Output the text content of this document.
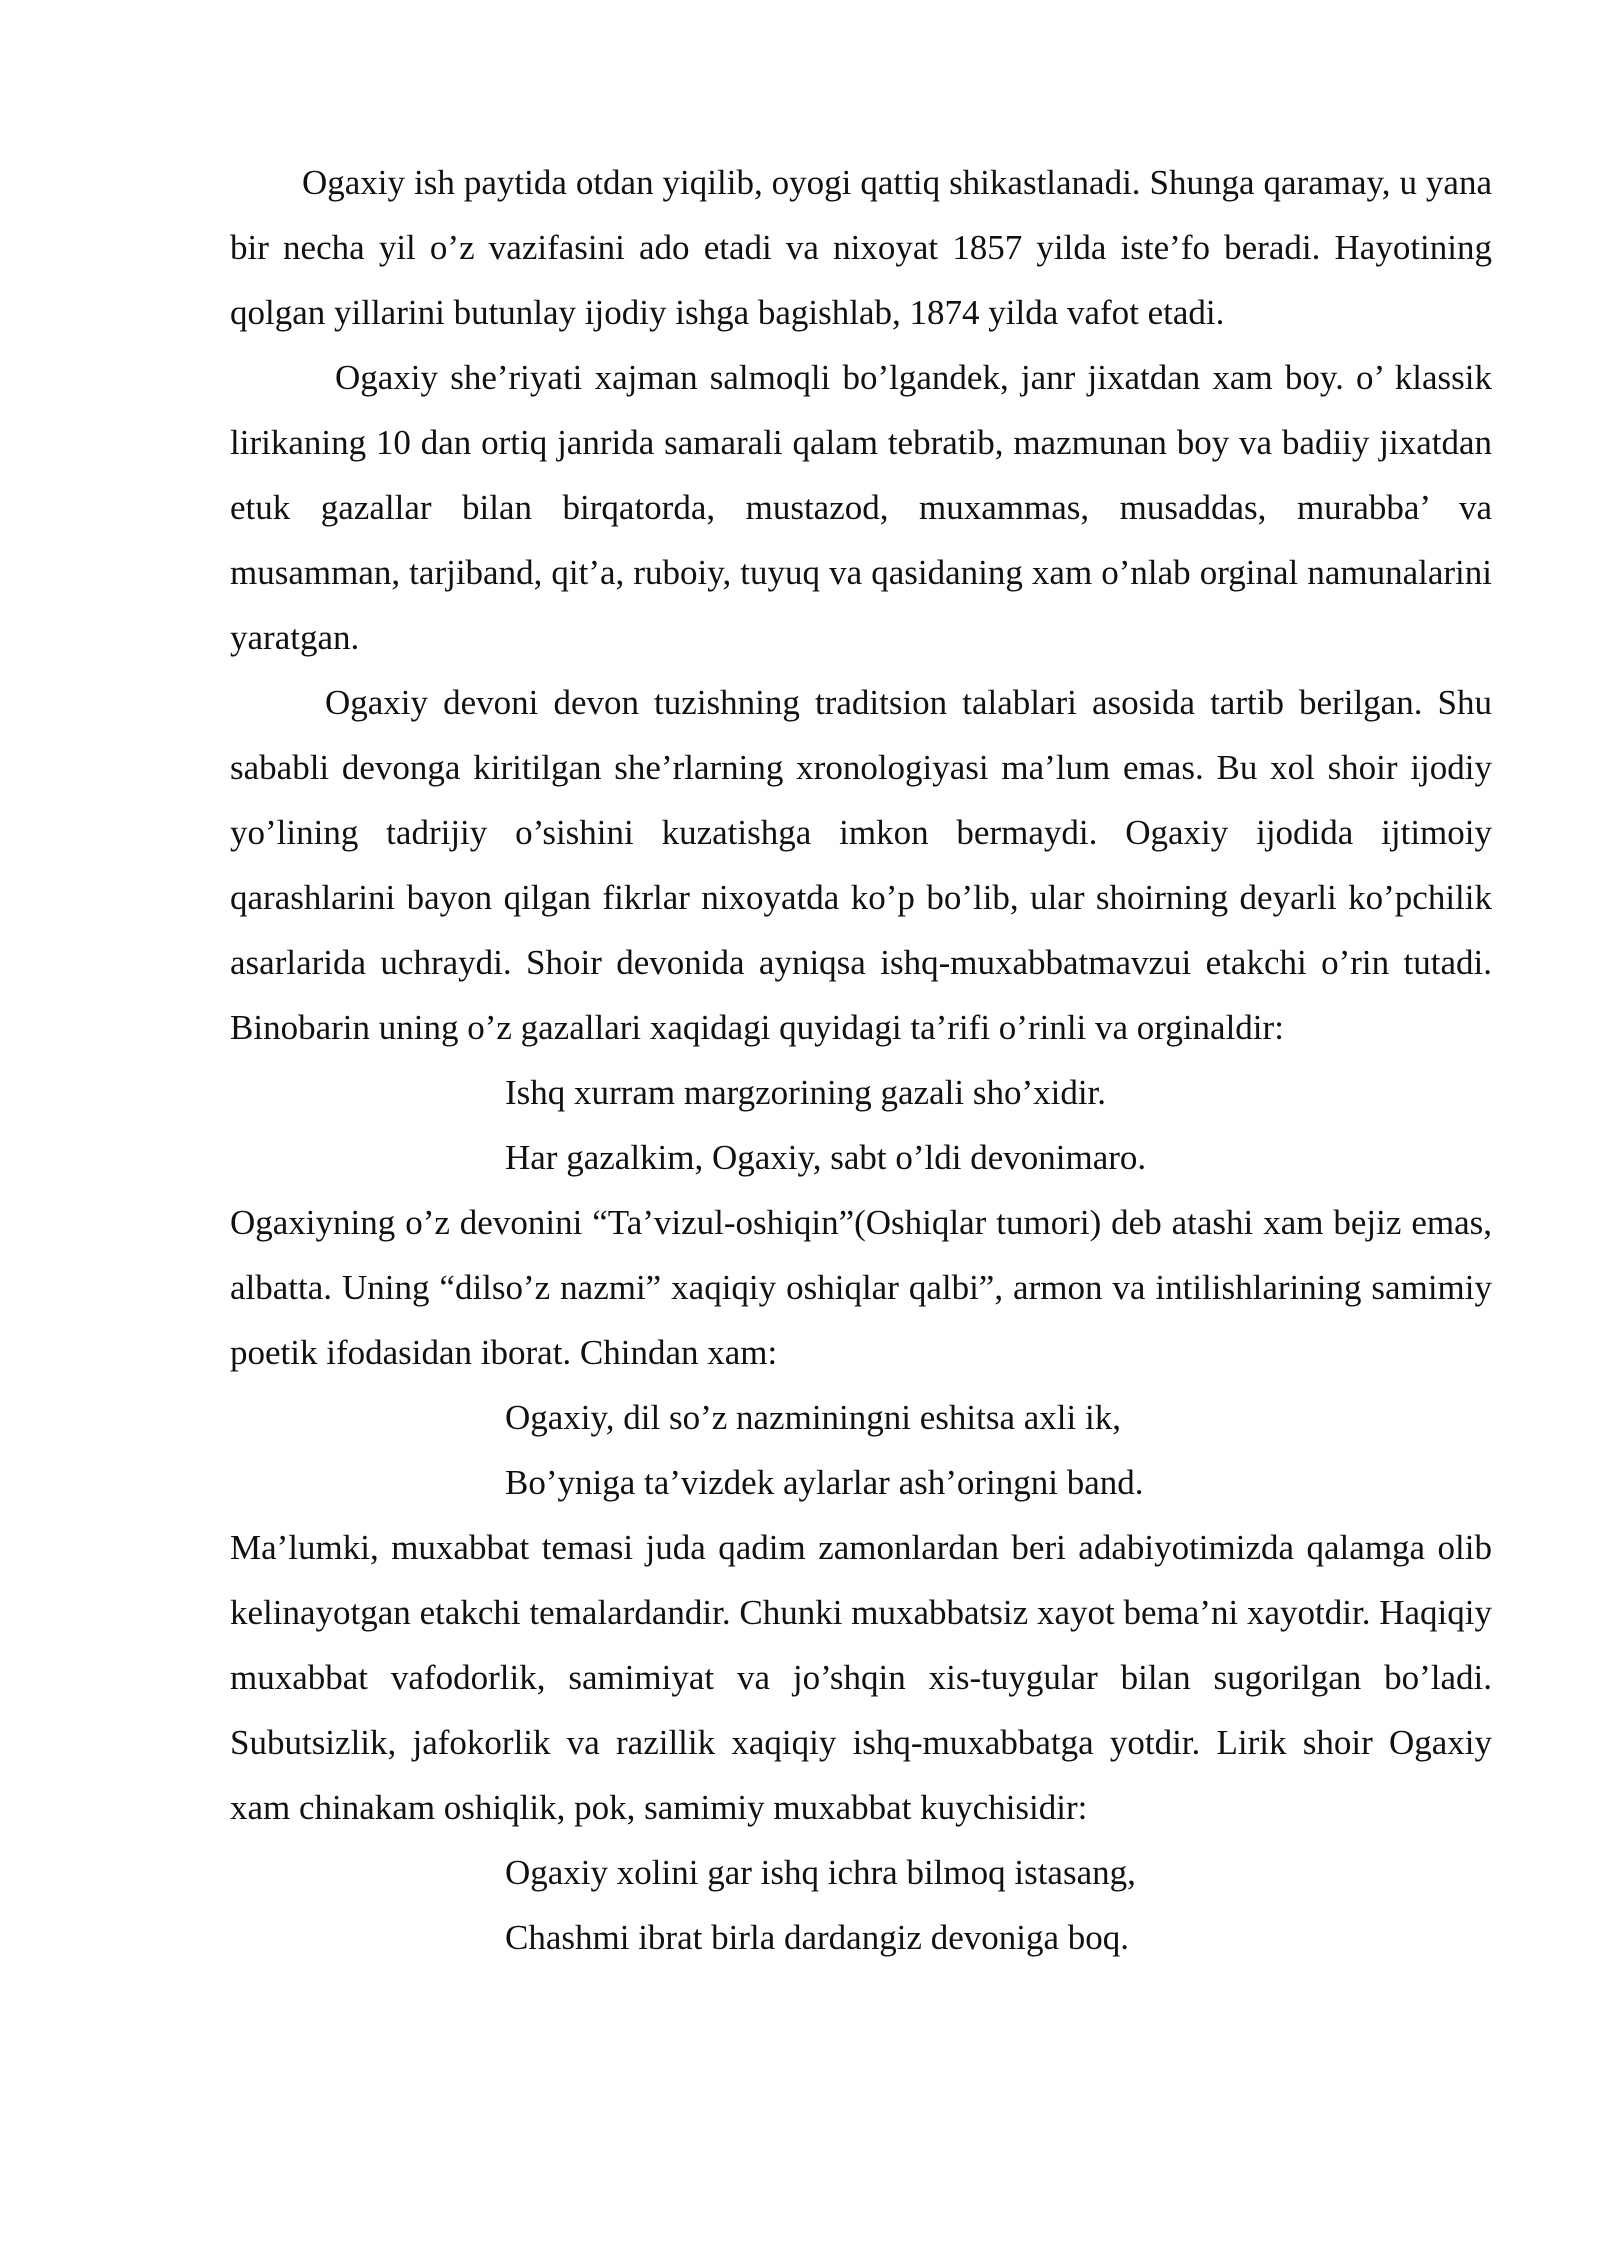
Ogaxiy ish paytida otdan yiqilib, oyogi qattiq shikastlanadi. Shunga qaramay, u yana bir necha yil o’z vazifasini ado etadi va nixoyat 1857 yilda iste’fo beradi. Hayotining qolgan yillarini butunlay ijodiy ishga bagishlab, 1874 yilda vafot etadi.

Ogaxiy she’riyati xajman salmoqli bo’lgandek, janr jixatdan xam boy. o’ klassik lirikaning 10 dan ortiq janrida samarali qalam tebratib, mazmunan boy va badiiy jixatdan etuk gazallar bilan birqatorda, mustazod, muxammas, musaddas, murabba’ va musamman, tarjiband, qit’a, ruboiy, tuyuq va qasidaning xam o’nlab orginal namunalarini yaratgan.

Ogaxiy devoni devon tuzishning traditsion talablari asosida tartib berilgan. Shu sababli devonga kiritilgan she’rlarning xronologiyasi ma’lum emas. Bu xol shoir ijodiy yo’lining tadrijiy o’sishini kuzatishga imkon bermaydi. Ogaxiy ijodida ijtimoiy qarashlarini bayon qilgan fikrlar nixoyatda ko’p bo’lib, ular shoirning deyarli ko’pchilik asarlarida uchraydi. Shoir devonida ayniqsa ishq-muxabbatmavzui etakchi o’rin tutadi. Binobarin uning o’z gazallari xaqidagi quyidagi ta’rifi o’rinli va orginaldir:

Ishq xurram margzorining gazali sho’xidir.

Har gazalkim, Ogaxiy, sabt o’ldi devonimaro.

Ogaxiyning o’z devonini “Ta’vizul-oshiqin”(Oshiqlar tumori) deb atashi xam bejiz emas, albatta. Uning “dilso’z nazmi” xaqiqiy oshiqlar qalbi”, armon va intilishlarining samimiy poetik ifodasidan iborat. Chindan xam:

Ogaxiy, dil so’z nazminingni eshitsa axli ik,

Bo’yniga ta’vizdek aylarlar ash’oringni band.

Ma’lumki, muxabbat temasi juda qadim zamonlardan beri adabiyotimizda qalamga olib kelinayotgan etakchi temalardandir. Chunki muxabbatsiz xayot bema’ni xayotdir. Haqiqiy muxabbat vafodorlik, samimiyat va jo’shqin xis-tuygular bilan sugorilgan bo’ladi. Subutsizlik, jafokorlik va razillik xaqiqiy ishq-muxabbatga yotdir. Lirik shoir Ogaxiy xam chinakam oshiqlik, pok, samimiy muxabbat kuychisidir:

Ogaxiy xolini gar ishq ichra bilmoq istasang,

Chashmi ibrat birla dardangiz devoniga boq.
